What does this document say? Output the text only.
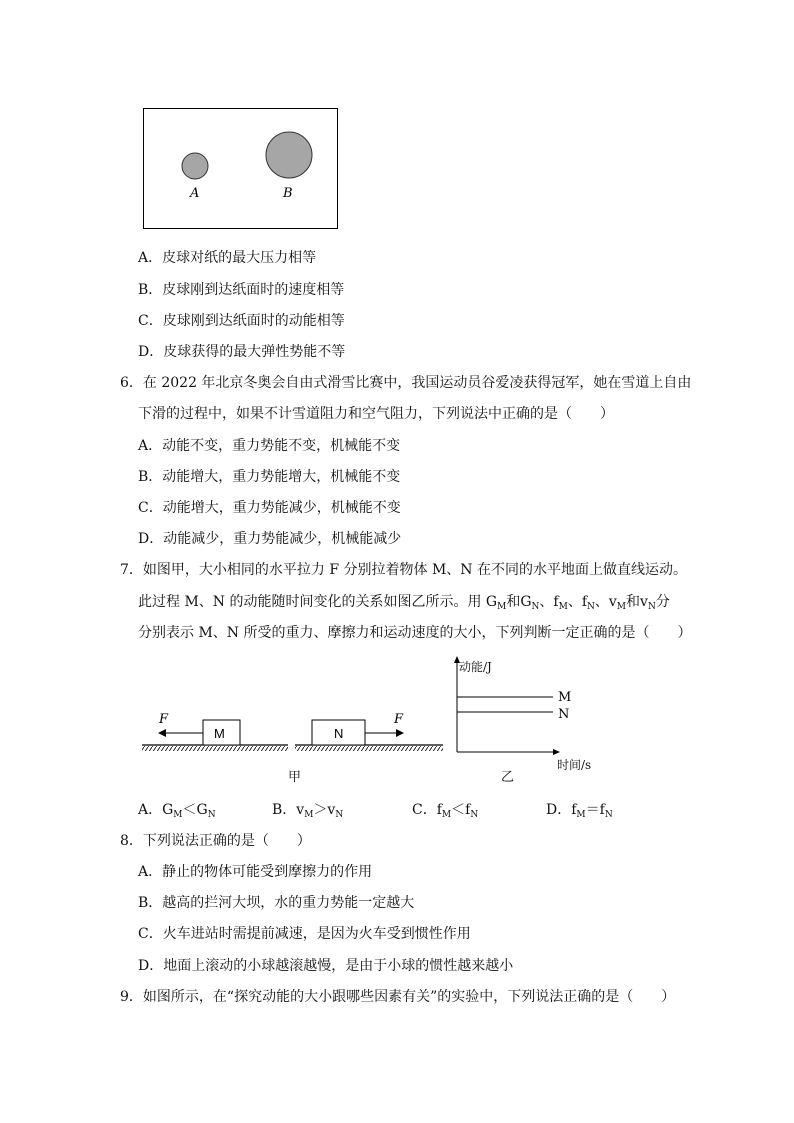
A	B
A．皮球对纸的最大压力相等
B．皮球刚到达纸面时的速度相等
C．皮球刚到达纸面时的动能相等
D．皮球获得的最大弹性势能不等
6．在 2022 年北京冬奥会自由式滑雪比赛中，我国运动员谷爱凌获得冠军，她在雪道上自由
下滑的过程中，如果不计雪道阻力和空气阻力，下列说法中正确的是（　　）
A．动能不变，重力势能不变，机械能不变
B．动能增大，重力势能增大，机械能不变
C．动能增大，重力势能减少，机械能不变
D．动能减少，重力势能减少，机械能减少
7．如图甲，大小相同的水平拉力 F 分别拉着物体 M、N 在不同的水平地面上做直线运动。
此过程 M、N 的动能随时间变化的关系如图乙所示。用 $G_M$和$G_N$、$f_M$、$f_N$、$v_M$和$v_N$分
分别表示 M、N 所受的重力、摩擦力和运动速度的大小，下列判断一定正确的是（　　）
M
F
N
F
甲
M
N
动能/J
时间/s
乙
A．$G_M<G_N$	B．$v_M>v_N$	C．$f_M<f_N$	D．$f_M=f_N$
8．下列说法正确的是（　　）
A．静止的物体可能受到摩擦力的作用
B．越高的拦河大坝，水的重力势能一定越大
C．火车进站时需提前减速，是因为火车受到惯性作用
D．地面上滚动的小球越滚越慢，是由于小球的惯性越来越小
9．如图所示，在“探究动能的大小跟哪些因素有关”的实验中，下列说法正确的是（　　）
